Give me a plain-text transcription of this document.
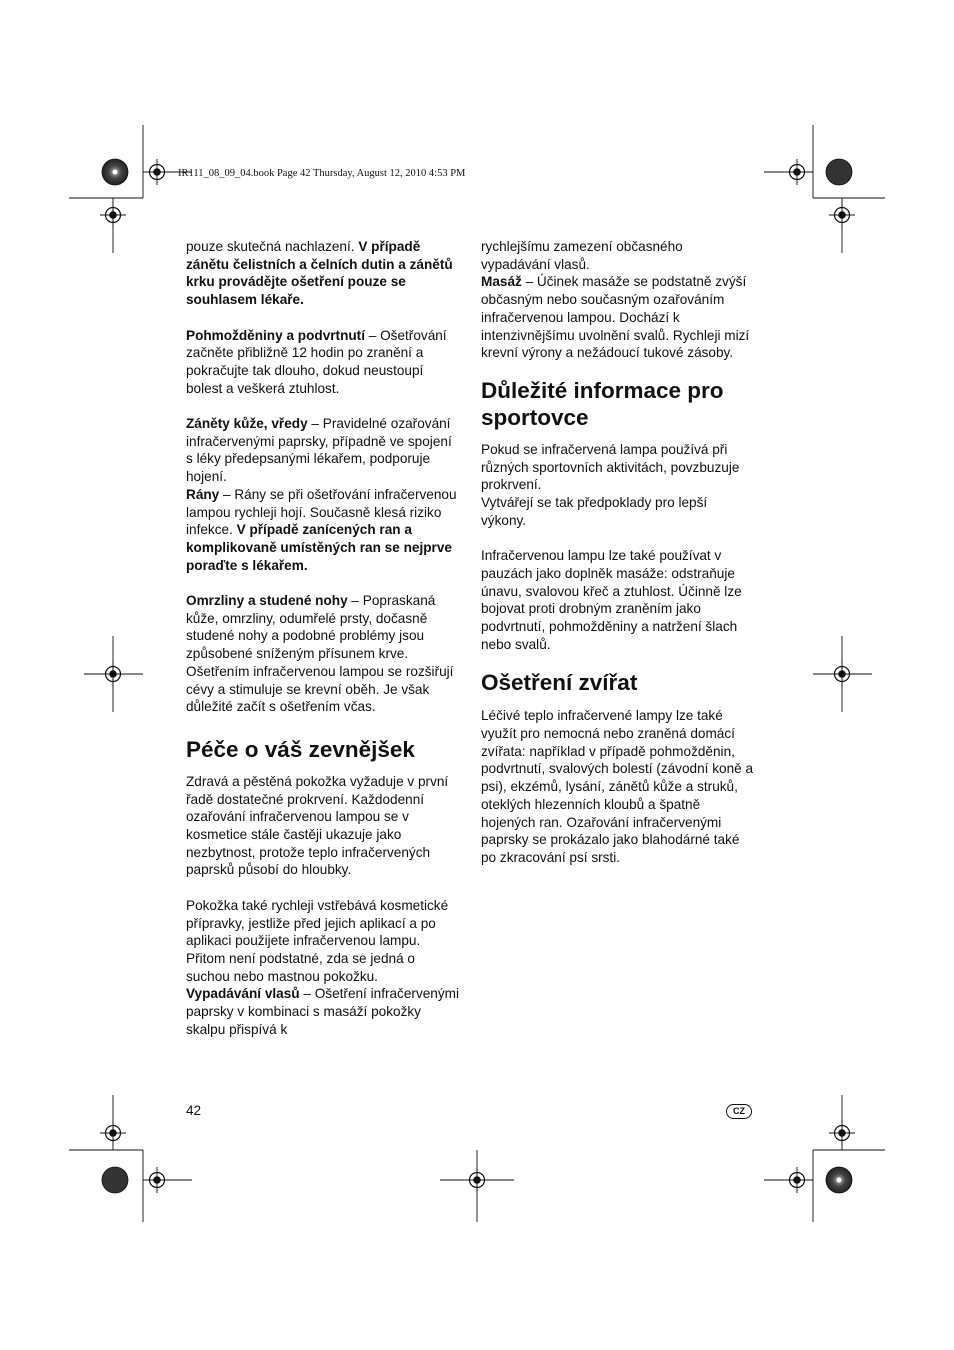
IR111_08_09_04.book Page 42 Thursday, August 12, 2010 4:53 PM

pouze skutečná nachlazení. V případě zánětu čelistních a čelních dutin a zánětů krku provádějte ošetření pouze se souhlasem lékaře.

Pohmožděniny a podvrtnutí – Ošetřování začněte přibližně 12 hodin po zranění a pokračujte tak dlouho, dokud neustoupí bolest a veškerá ztuhlost.

Záněty kůže, vředy – Pravidelné ozařování infračervenými paprsky, případně ve spojení s léky předepsanými lékařem, podporuje hojení.

Rány – Rány se při ošetřování infračervenou lampou rychleji hojí. Současně klesá riziko infekce. V případě zanícených ran a komplikovaně umístěných ran se nejprve poraďte s lékařem.

Omrzliny a studené nohy – Popraskaná kůže, omrzliny, odumřelé prsty, dočasně studené nohy a podobné problémy jsou způsobené sníženým přísunem krve. Ošetřením infračervenou lampou se rozšiřují cévy a stimuluje se krevní oběh. Je však důležité začít s ošetřením včas.

Péče o váš zevnějšek

Zdravá a pěstěná pokožka vyžaduje v první řadě dostatečné prokrvení. Každodenní ozařování infračervenou lampou se v kosmetice stále častěji ukazuje jako nezbytnost, protože teplo infračervených paprsků působí do hloubky.

Pokožka také rychleji vstřebává kosmetické přípravky, jestliže před jejich aplikací a po aplikaci použijete infračervenou lampu. Přitom není podstatné, zda se jedná o suchou nebo mastnou pokožku.

Vypadávání vlasů – Ošetření infračervenými paprsky v kombinaci s masáží pokožky skalpu přispívá k

rychlejšímu zamezení občasného vypadávání vlasů.

Masáž – Účinek masáže se podstatně zvýší občasným nebo současným ozařováním infračervenou lampou. Dochází k intenzivnějšímu uvolnění svalů. Rychleji mizí krevní výrony a nežádoucí tukové zásoby.

Důležité informace pro sportovce

Pokud se infračervená lampa používá při různých sportovních aktivitách, povzbuzuje prokrvení.

Vytvářejí se tak předpoklady pro lepší výkony.

Infračervenou lampu lze také používat v pauzách jako doplněk masáže: odstraňuje únavu, svalovou křeč a ztuhlost. Účinně lze bojovat proti drobným zraněním jako podvrtnutí, pohmožděniny a natržení šlach nebo svalů.

Ošetření zvířat

Léčivé teplo infračervené lampy lze také využít pro nemocná nebo zraněná domácí zvířata: například v případě pohmožděnin, podvrtnutí, svalových bolestí (závodní koně a psi), ekzémů, lysání, zánětů kůže a struků, oteklých hlezenních kloubů a špatně hojených ran. Ozařování infračervenými paprsky se prokázalo jako blahodárné také po zkracování psí srsti.

42	CZ
